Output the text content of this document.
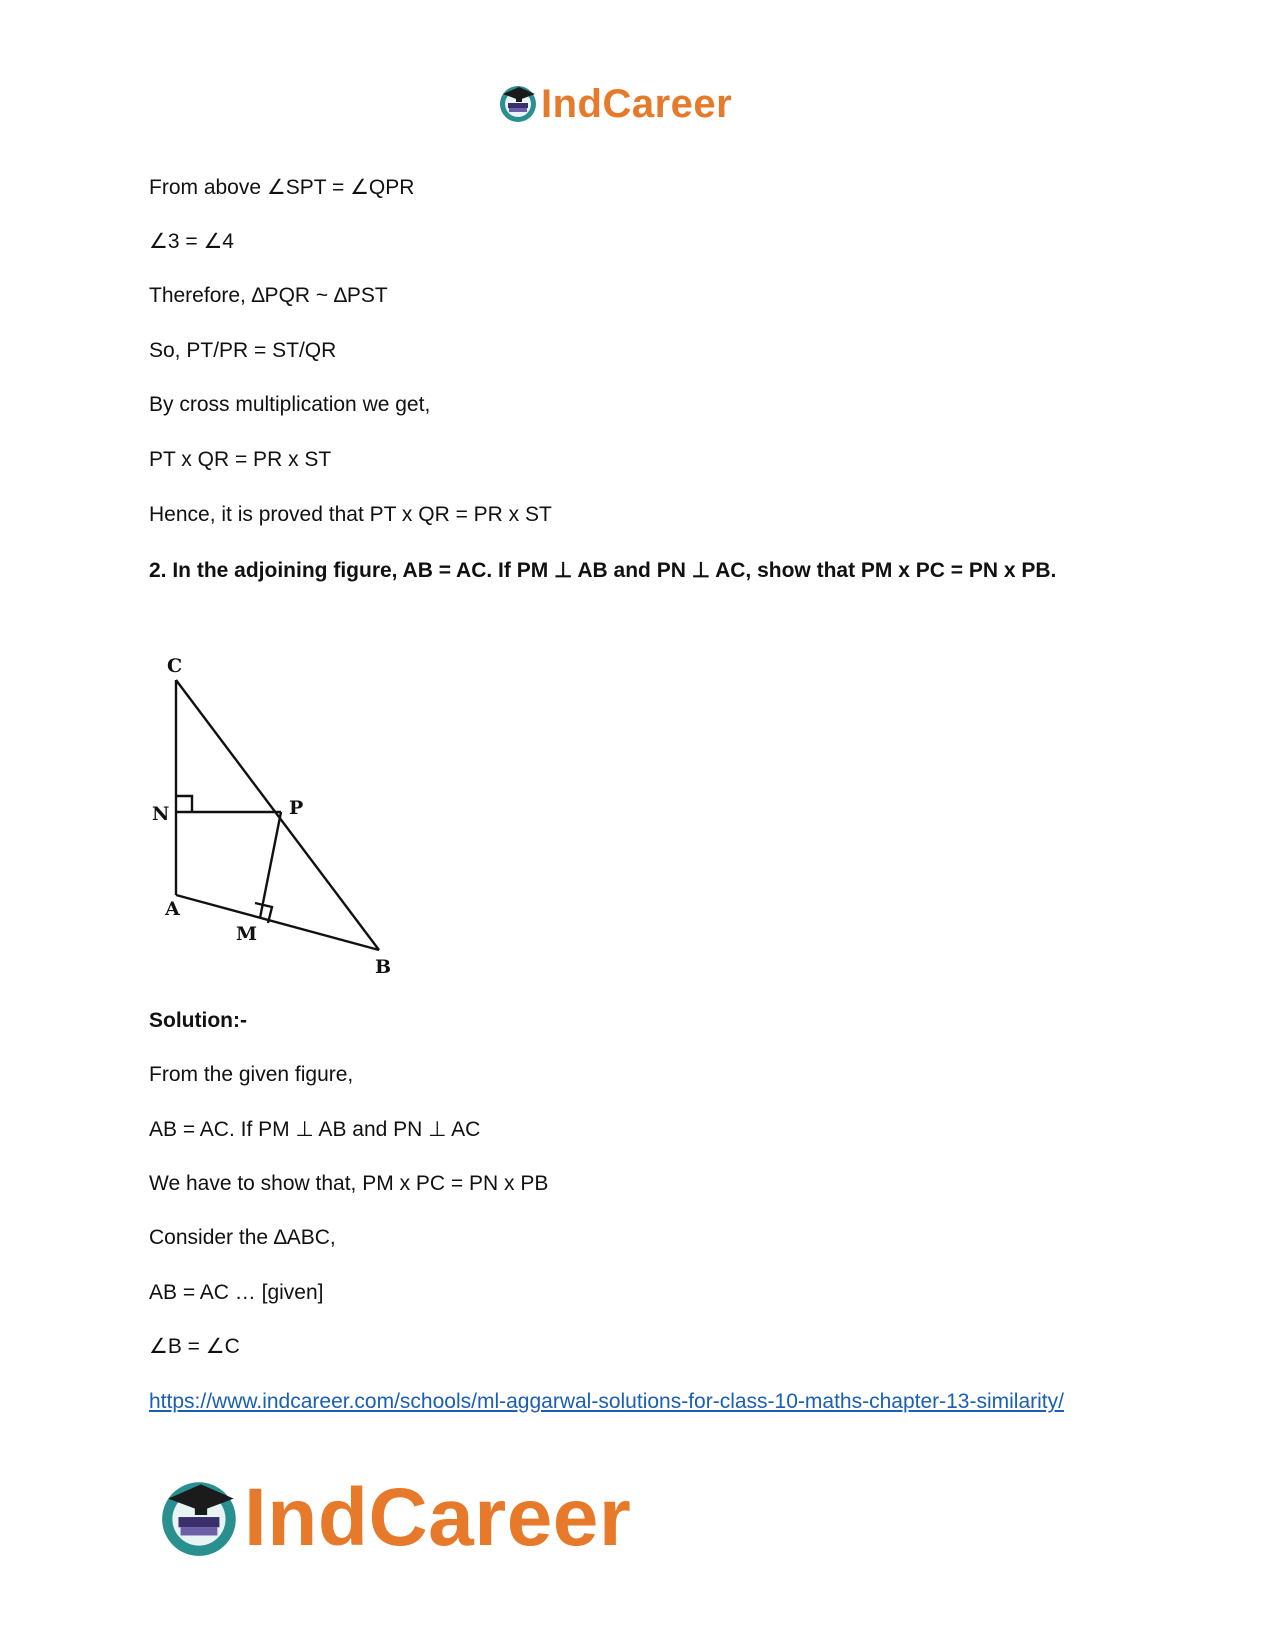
IndCareer
From above ∠SPT = ∠QPR
∠3 = ∠4
Therefore, ∆PQR ~ ∆PST
So, PT/PR = ST/QR
By cross multiplication we get,
PT x QR = PR x ST
Hence, it is proved that PT x QR = PR x ST
2. In the adjoining figure, AB = AC. If PM ⊥ AB and PN ⊥ AC, show that PM x PC = PN x PB.
C
N	P
A
M
B
Solution:-
From the given figure,
AB = AC. If PM ⊥ AB and PN ⊥ AC
We have to show that, PM x PC = PN x PB
Consider the ∆ABC,
AB = AC … [given]
∠B = ∠C
https://www.indcareer.com/schools/ml-aggarwal-solutions-for-class-10-maths-chapter-13-similarity/
IndCareer
